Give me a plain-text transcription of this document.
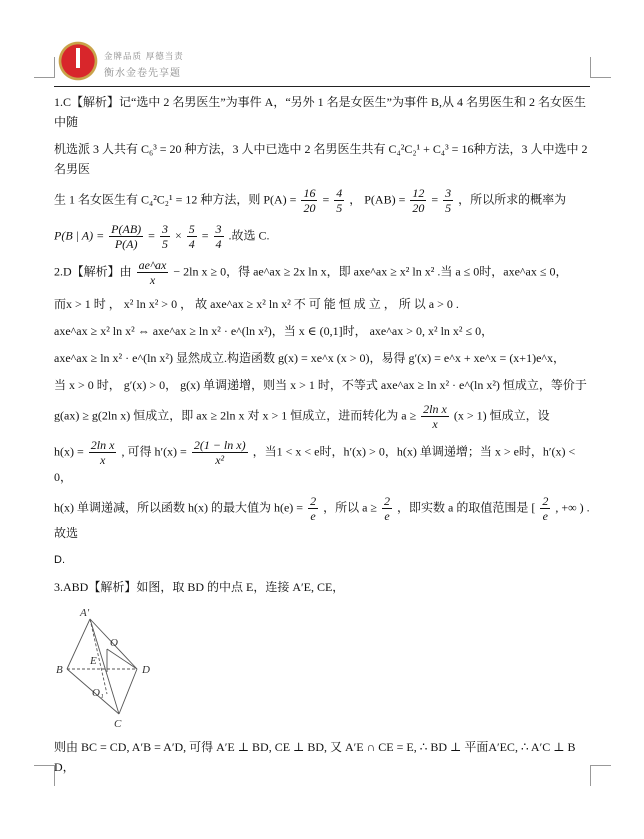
金牌品质 厚德当责
衡水金卷先享题
1.C【解析】记“选中 2 名男医生”为事件 A，“另外 1 名是女医生”为事件 B,从 4 名男医生和 2 名女医生中随
机选派 3 人共有 C₆³ = 20 种方法，3 人中已选中 2 名男医生共有 C₄²C₂¹ + C₄³ = 16种方法，3 人中选中 2 名男医
生 1 名女医生有 C₄²C₂¹ = 12 种方法，则 $P(A) = \frac{16}{20} = \frac{4}{5}$ ， $P(AB) = \frac{12}{20} = \frac{3}{5}$ ，所以所求的概率为
P(B | $A) = \frac{P(AB)}{P(A)} = \frac{3}{5} \times \frac{5}{4} = \frac{3}{4}$ .故选 C.
2.D【解析】由 $\frac{ae\^{}ax}{x} - 2\ln$ x ≥ 0，得 ae^ax ≥ 2x ln x，即 axe^ax ≥ x² ln x² .当 a ≤ 0时，axe^ax ≤ 0，
而x > 1 时 ， x² ln x² > 0 ， 故 axe^ax ≥ x² ln x² 不 可 能 恒 成 立 ， 所 以 a > 0 .
axe^ax ≥ x² ln x² ⇔ axe^ax ≥ ln x² · e^(ln x²)，当 x ∈ (0,1]时， axe^ax > 0, x² ln x² ≤ 0，
axe^ax ≥ ln x² · e^(ln x²) 显然成立.构造函数 g(x) = xe^x (x > 0)，易得 g′(x) = e^x + xe^x = (x+1)e^x，
当 x > 0 时， g′(x) > 0， g(x) 单调递增，则当 x > 1 时，不等式 axe^ax ≥ ln x² · e^(ln x²) 恒成立，等价于
g(ax) ≥ g(2ln x) 恒成立，即 ax ≥ 2ln x 对 x > 1 恒成立，进而转化为 $a \ge \frac{\text{2ln x}}{x} (x > 1)$ 恒成立，设
$h(x) = \frac{\text{2ln x}}{x}$ , 可得 $h'(x) = \frac{\text{2(1 − ln x)}}{\text{x²}}$ ，当1 < x < e时，h′(x) > 0，h(x) 单调递增；当 x > e时，h′(x) < 0，
h(x) 单调递减，所以函数 h(x) 的最大值为 $h(e) = \frac{2}{e}$ ，所以 $a \ge \frac{2}{e}$ ，即实数 a 的取值范围是 [ $\frac{2}{e}$ , +∞ ) . 故选
D.
3.ABD【解析】如图，取 BD 的中点 E，连接 A′E, CE，
A′
B	D
C
E
O
O₁
则由 BC = CD, A′B = A′D, 可得 A′E ⊥ BD, CE ⊥ BD, 又 A′E ∩ CE = E, ∴ BD ⊥ 平面A′EC, ∴ A′C ⊥ BD，
